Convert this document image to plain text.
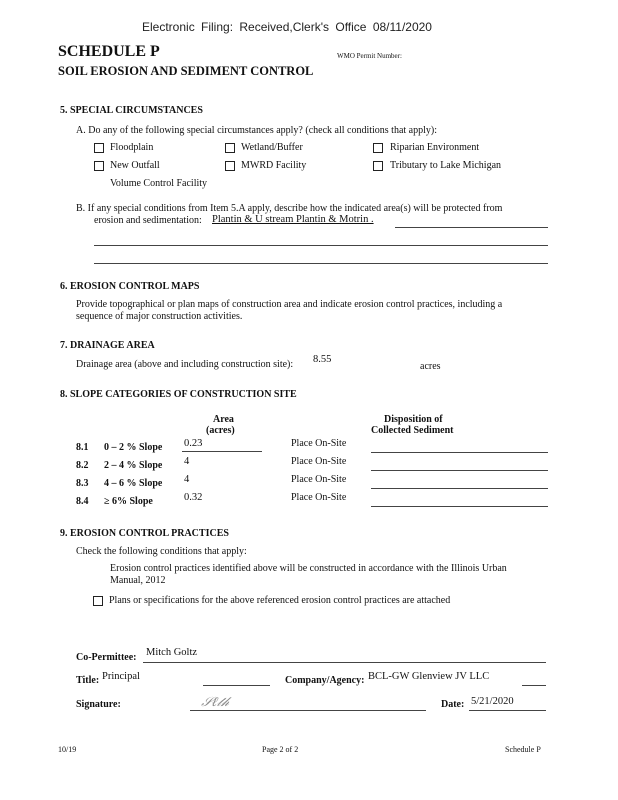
Electronic Filing: Received,Clerk's Office 08/11/2020
SCHEDULE P	WMO Permit Number:
SOIL EROSION AND SEDIMENT CONTROL
5. SPECIAL CIRCUMSTANCES
A. Do any of the following special circumstances apply? (check all conditions that apply):
Floodplain	Wetland/Buffer	Riparian Environment
New Outfall	MWRD Facility	Tributary to Lake Michigan
Volume Control Facility
B. If any special conditions from Item 5.A apply, describe how the indicated area(s) will be protected from
erosion and sedimentation: Plantin & U stream Plantin & Motrin .
6. EROSION CONTROL MAPS
Provide topographical or plan maps of construction area and indicate erosion control practices, including a
sequence of major construction activities.
7. DRAINAGE AREA
Drainage area (above and including construction site): 8.55
acres
8. SLOPE CATEGORIES OF CONSTRUCTION SITE
Area
(acres)
Disposition of
Collected Sediment
8.1 0 – 2 % Slope 0.23	Place On-Site
8.2 2 – 4 % Slope 4	Place On-Site
8.3 4 – 6 % Slope 4	Place On-Site
8.4 ≥ 6% Slope	0.32	Place On-Site
9. EROSION CONTROL PRACTICES
Check the following conditions that apply:
Erosion control practices identified above will be constructed in accordance with the Illinois Urban
Manual, 2012
Plans or specifications for the above referenced erosion control practices are attached
Co-Permittee: Mitch Goltz
Title: Principal	Company/Agency: BCL-GW Glenview JV LLC
Signature:	𝒮ℓ𝓉𝒽	Date: 5/21/2020
10/19	Page 2 of 2	Schedule P
